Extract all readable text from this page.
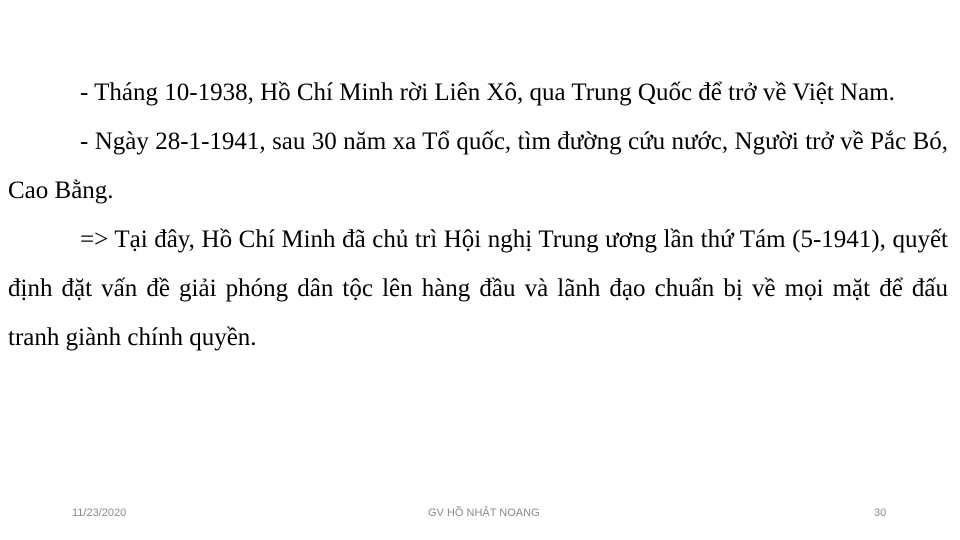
- Tháng 10-1938, Hồ Chí Minh rời Liên Xô, qua Trung Quốc để trở về Việt Nam.

- Ngày 28-1-1941, sau 30 năm xa Tổ quốc, tìm đường cứu nước, Người trở về Pắc Bó, Cao Bằng.

=> Tại đây, Hồ Chí Minh đã chủ trì Hội nghị Trung ương lần thứ Tám (5-1941), quyết định đặt vấn đề giải phóng dân tộc lên hàng đầu và lãnh đạo chuẩn bị về mọi mặt để đấu tranh giành chính quyền.

11/23/2020	GV HỒ NHẬT NOANG	30
